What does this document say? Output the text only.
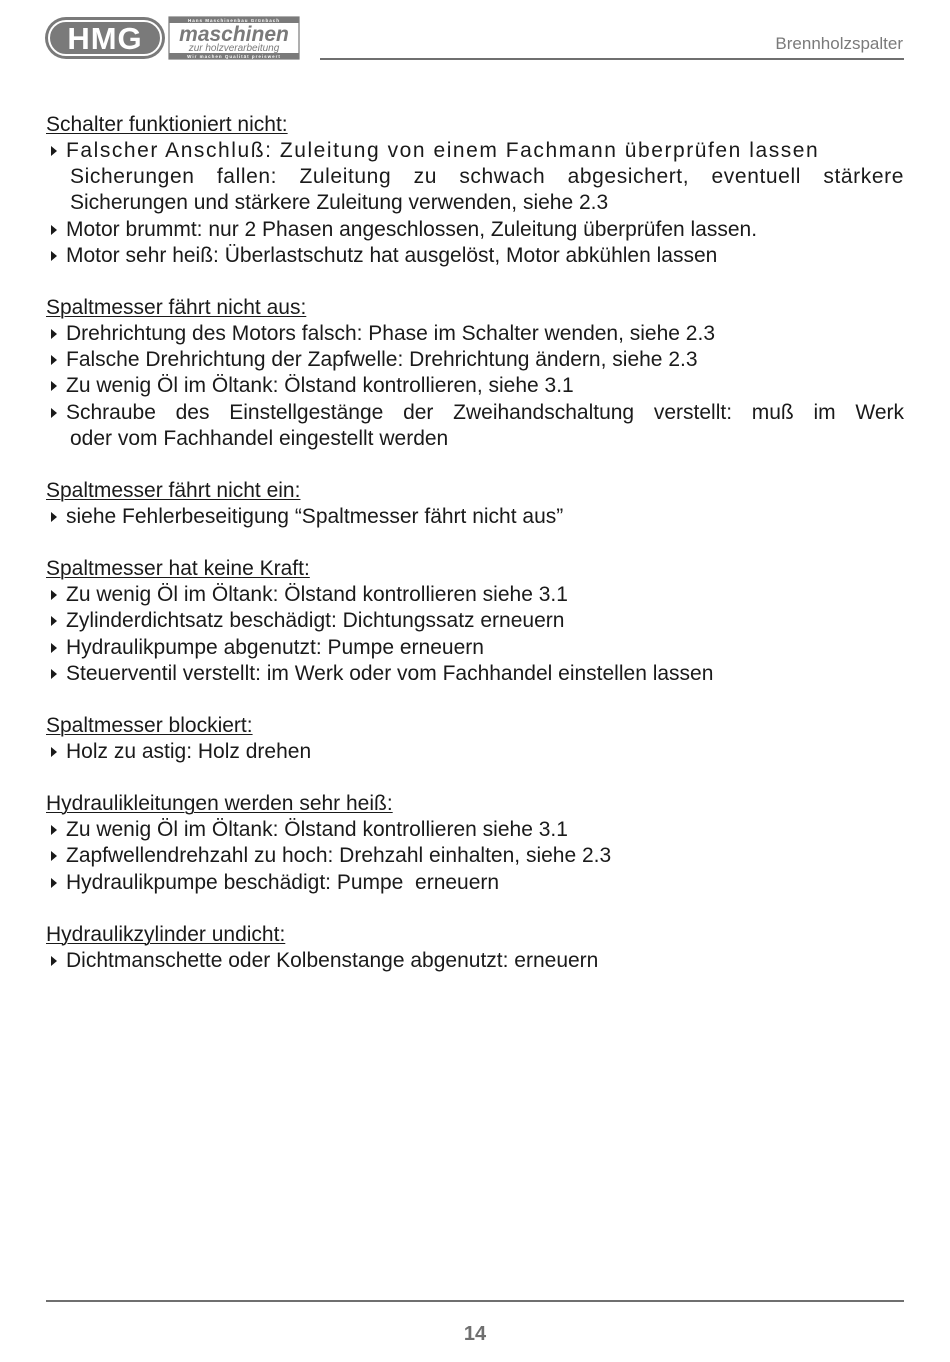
HMG
Hans Maschinenbau Grünbach
maschinen
zur holzverarbeitung
Wir machen Qualität preiswert
Brennholzspalter
Schalter funktioniert nicht:
Falscher Anschluß: Zuleitung von einem Fachmann überprüfen lassen
Sicherungen fallen: Zuleitung zu schwach abgesichert, eventuell stärkere
Sicherungen und stärkere Zuleitung verwenden, siehe 2.3
Motor brummt: nur 2 Phasen angeschlossen, Zuleitung überprüfen lassen.
Motor sehr heiß: Überlastschutz hat ausgelöst, Motor abkühlen lassen
Spaltmesser fährt nicht aus:
Drehrichtung des Motors falsch: Phase im Schalter wenden, siehe 2.3
Falsche Drehrichtung der Zapfwelle: Drehrichtung ändern, siehe 2.3
Zu wenig Öl im Öltank: Ölstand kontrollieren, siehe 3.1
Schraube des Einstellgestänge der Zweihandschaltung verstellt: muß im Werk
oder vom Fachhandel eingestellt werden
Spaltmesser fährt nicht ein:
siehe Fehlerbeseitigung “Spaltmesser fährt nicht aus”
Spaltmesser hat keine Kraft:
Zu wenig Öl im Öltank: Ölstand kontrollieren siehe 3.1
Zylinderdichtsatz beschädigt: Dichtungssatz erneuern
Hydraulikpumpe abgenutzt: Pumpe erneuern
Steuerventil verstellt: im Werk oder vom Fachhandel einstellen lassen
Spaltmesser blockiert:
Holz zu astig: Holz drehen
Hydraulikleitungen werden sehr heiß:
Zu wenig Öl im Öltank: Ölstand kontrollieren siehe 3.1
Zapfwellendrehzahl zu hoch: Drehzahl einhalten, siehe 2.3
Hydraulikpumpe beschädigt: Pumpe  erneuern
Hydraulikzylinder undicht:
Dichtmanschette oder Kolbenstange abgenutzt: erneuern
14
